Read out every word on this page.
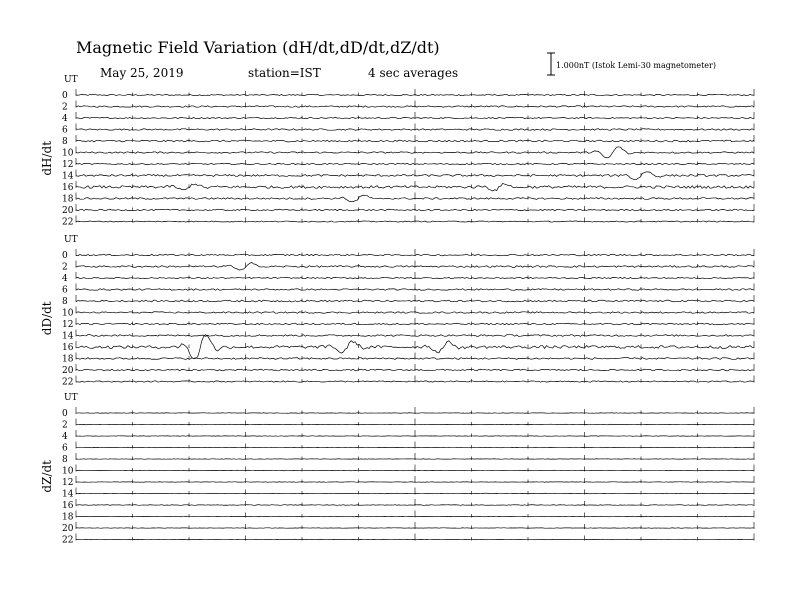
Magnetic Field Variation (dH/dt,dD/dt,dZ/dt)
May 25, 2019	station=IST	4 sec averages
1.000nT (Istok Lemi-30 magnetometer)
UT
dH/dt
0
2
4
6
8
10
12
14
16
18
20
22
UT
dD/dt
0
2
4
6
8
10
12
14
16
18
20
22
UT
dZ/dt
0
2
4
6
8
10
12
14
16
18
20
22
